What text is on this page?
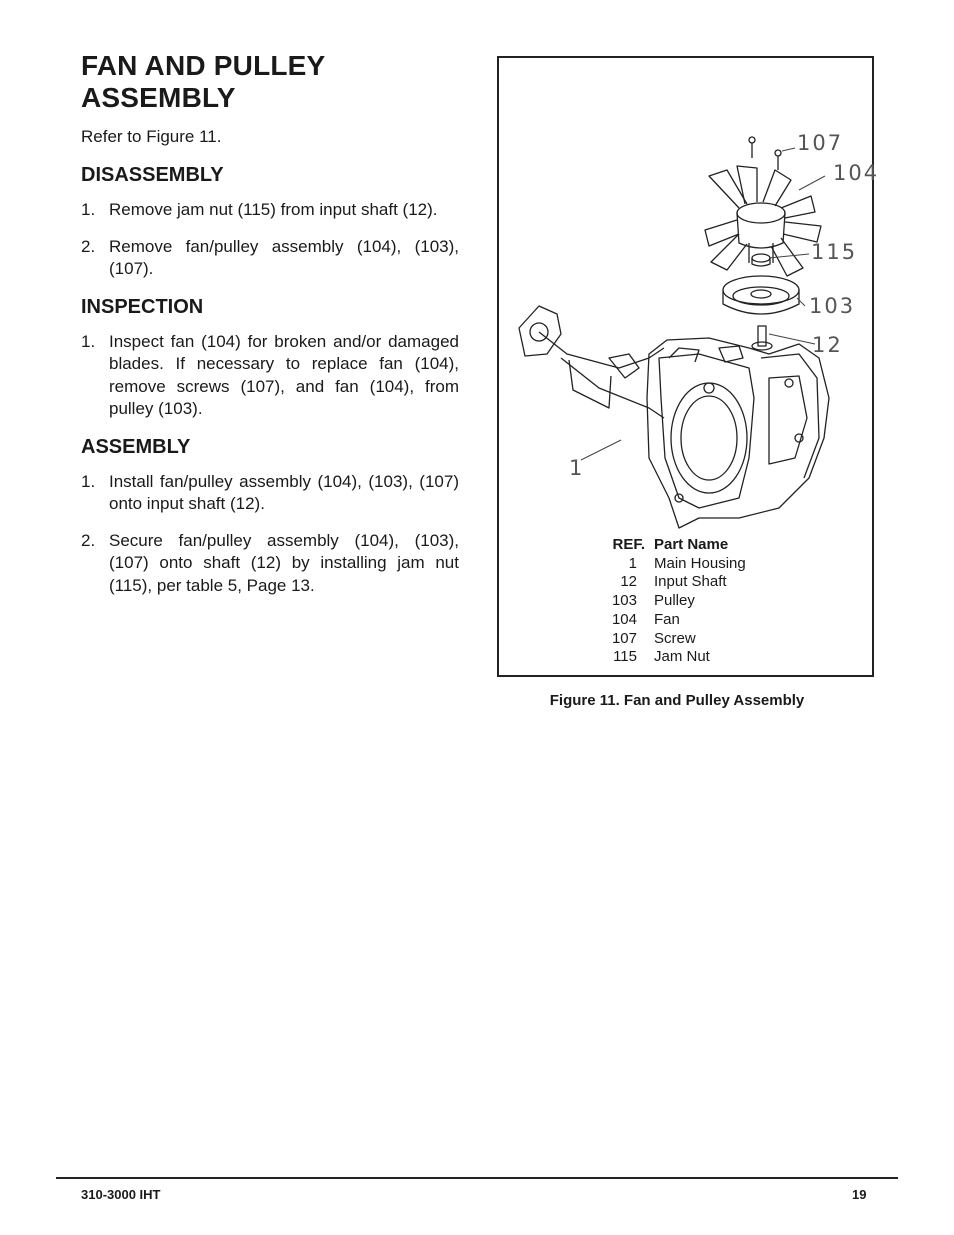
FAN AND PULLEY ASSEMBLY

Refer to Figure 11.

DISASSEMBLY
1. Remove jam nut (115) from input shaft (12).
2. Remove fan/pulley assembly (104), (103), (107).
INSPECTION
1. Inspect fan (104) for broken and/or damaged blades. If necessary to replace fan (104), remove screws (107), and fan (104), from pulley (103).
ASSEMBLY
1. Install fan/pulley assembly (104), (103), (107) onto input shaft (12).
2. Secure fan/pulley assembly (104), (103), (107) onto shaft (12) by installing jam nut (115), per table 5, Page 13.
107
104
115
103
12
1
REF.	Part Name
1	Main Housing
12	Input Shaft
103	Pulley
104	Fan
107	Screw
115	Jam Nut
Figure 11. Fan and Pulley Assembly
310-3000 IHT	19
